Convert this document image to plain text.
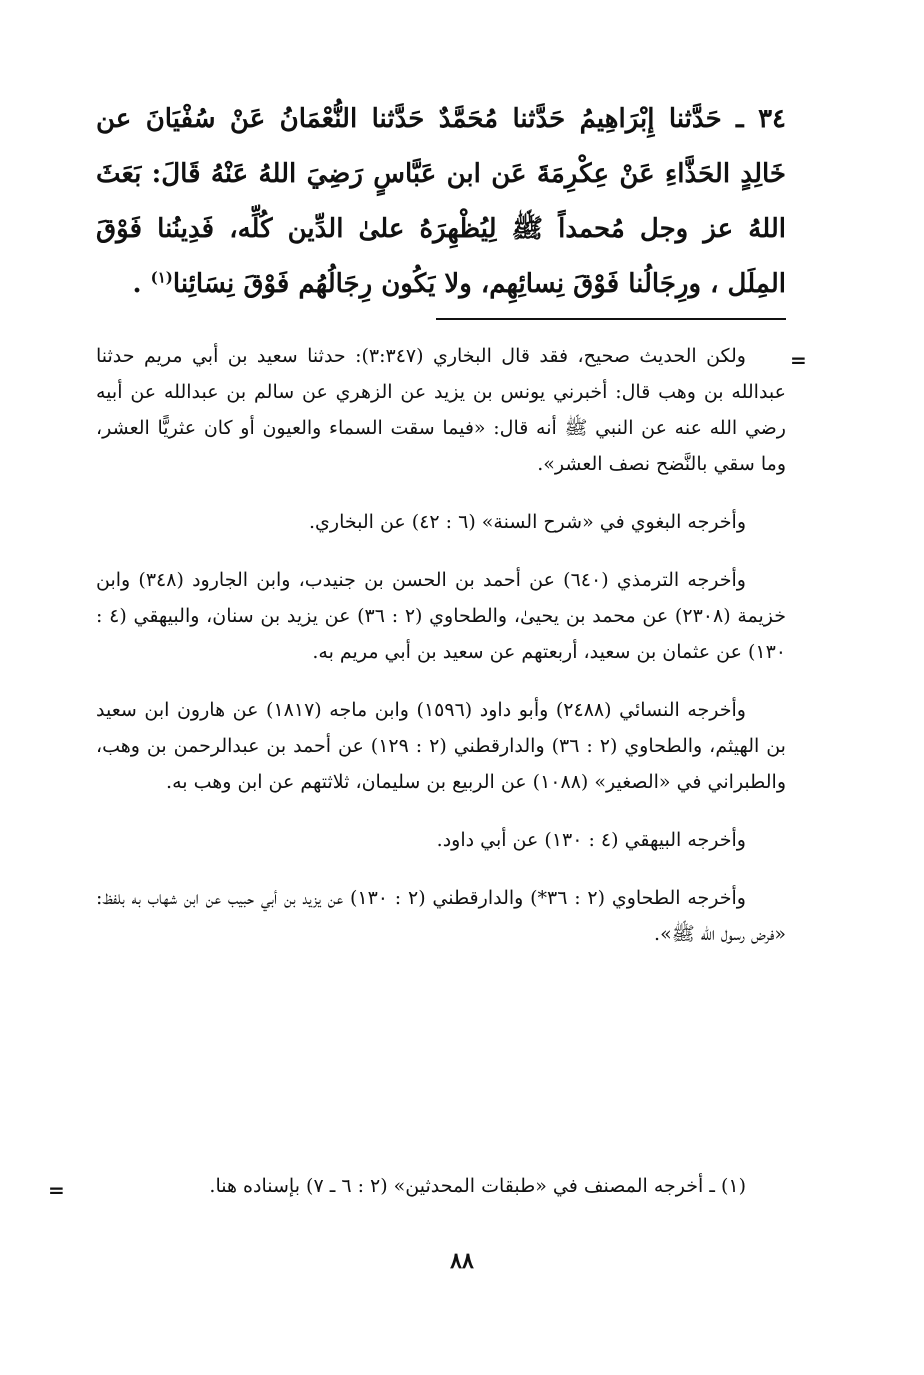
٣٤ ـ حَدَّثنا إِبْرَاهِيمُ حَدَّثنا مُحَمَّدٌ حَدَّثنا النُّعْمَانُ عَنْ سُفْيَانَ عن خَالِدٍ الحَذَّاءِ عَنْ عِكْرِمَةَ عَن ابن عَبَّاسٍ رَضِيَ اللهُ عَنْهُ قَالَ: بَعَثَ اللهُ عز وجل مُحمداً ﷺ لِيُظْهِرَهُ علىٰ الدِّين كُلِّه، فَدِينُنا فَوْقَ المِلَل ، ورِجَالُنا فَوْقَ نِسائِهِم، ولا يَكُون رِجَالُهُم فَوْقَ نِسَائِنا$^{(١)}$ .

=

ولكن الحديث صحيح، فقد قال البخاري (٣:٣٤٧): حدثنا سعيد بن أبي مريم حدثنا عبدالله بن وهب قال: أخبرني يونس بن يزيد عن الزهري عن سالم بن عبدالله عن أبيه رضي الله عنه عن النبي ﷺ أنه قال: «فيما سقت السماء والعيون أو كان عثريًّا العشر، وما سقي بالنَّضح نصف العشر».

وأخرجه البغوي في «شرح السنة» (٦ : ٤٢) عن البخاري.

وأخرجه الترمذي (٦٤٠) عن أحمد بن الحسن بن جنيدب، وابن الجارود (٣٤٨) وابن خزيمة (٢٣٠٨) عن محمد بن يحيىٰ، والطحاوي (٢ : ٣٦) عن يزيد بن سنان، والبيهقي (٤ : ١٣٠) عن عثمان بن سعيد، أربعتهم عن سعيد بن أبي مريم به.

وأخرجه النسائي (٢٤٨٨) وأبو داود (١٥٩٦) وابن ماجه (١٨١٧) عن هارون ابن سعيد بن الهيثم، والطحاوي (٢ : ٣٦) والدارقطني (٢ : ١٢٩) عن أحمد بن عبدالرحمن بن وهب، والطبراني في «الصغير» (١٠٨٨) عن الربيع بن سليمان، ثلاثتهم عن ابن وهب به.

وأخرجه البيهقي (٤ : ١٣٠) عن أبي داود.

وأخرجه الطحاوي (٢ : ٣٦*) والدارقطني (٢ : ١٣٠) عن يزيد بن أبي حبيب عن ابن شهاب به بلفظ: «فرض رسول الله ﷺ».

(١) ـ أخرجه المصنف في «طبقات المحدثين» (٢ : ٦ ـ ٧) بإسناده هنا.

=
٨٨
